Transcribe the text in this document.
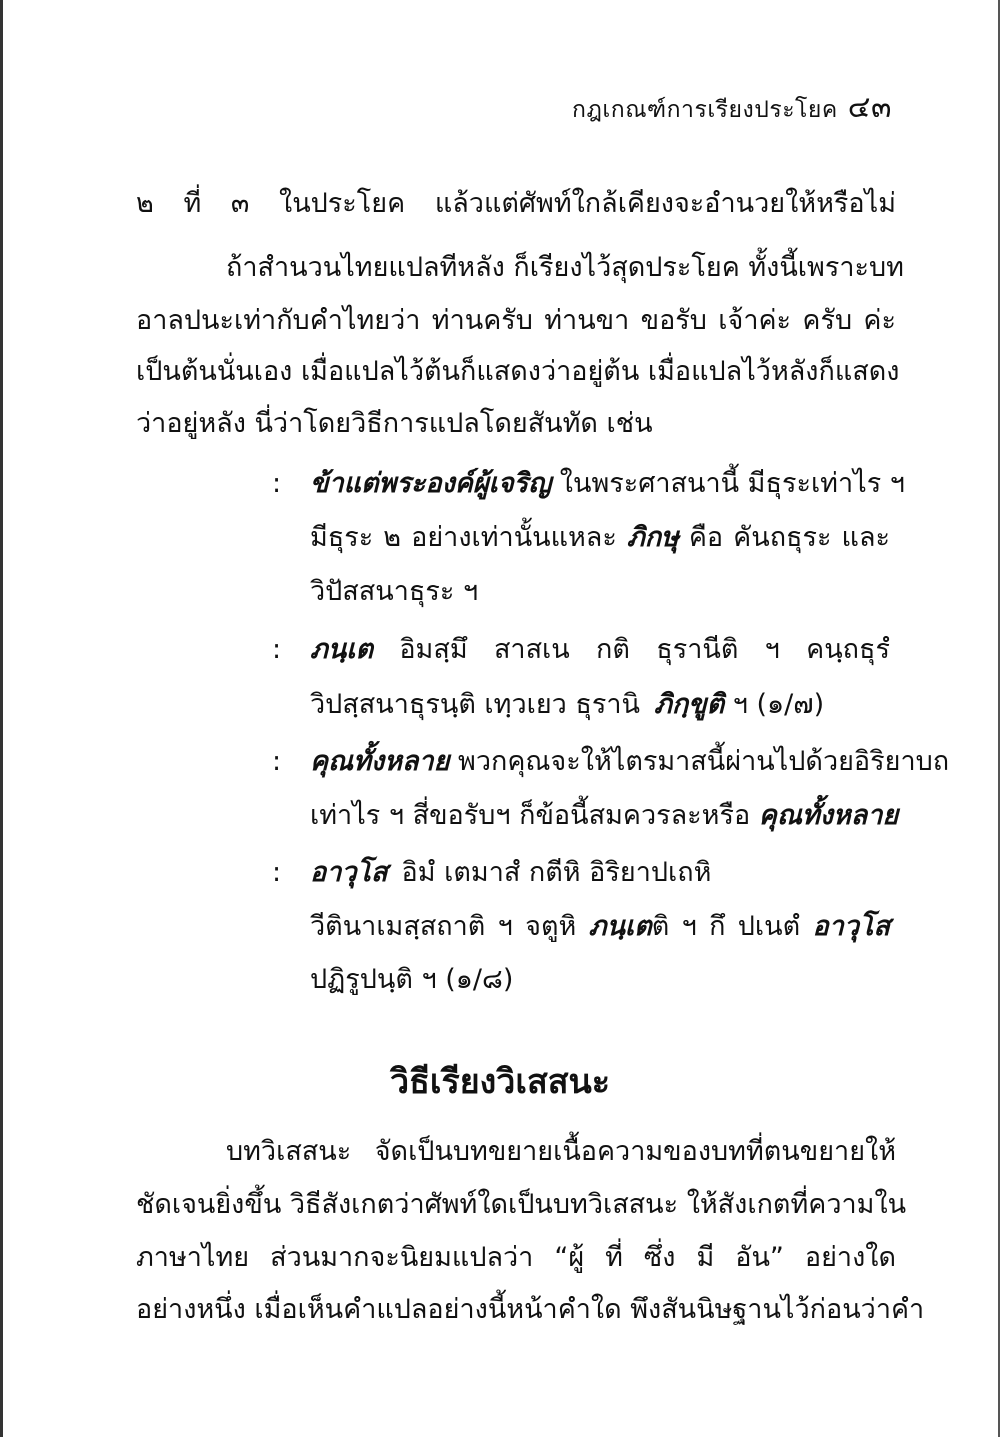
กฎเกณฑ์การเรียงประโยค ๔๓
๒ ที่ ๓ ในประโยค แล้วแต่ศัพท์ใกล้เคียงจะอำนวยให้หรือไม่
ถ้าสำนวนไทยแปลทีหลัง ก็เรียงไว้สุดประโยค ทั้งนี้เพราะบท
อาลปนะเท่ากับคำไทยว่า ท่านครับ ท่านขา ขอรับ เจ้าค่ะ ครับ ค่ะ
เป็นต้นนั่นเอง เมื่อแปลไว้ต้นก็แสดงว่าอยู่ต้น เมื่อแปลไว้หลังก็แสดง
ว่าอยู่หลัง นี่ว่าโดยวิธีการแปลโดยสันทัด เช่น
: ข้าแต่พระองค์ผู้เจริญ ในพระศาสนานี้ มีธุระเท่าไร ฯ
มีธุระ ๒ อย่างเท่านั้นแหละ ภิกษุ คือ คันถธุระ และ
วิปัสสนาธุระ ฯ
: ภนฺเต อิมสฺมึ สาสเน กติ ธุรานีติ ฯ คนฺถธุรํ
วิปสฺสนาธุรนฺติ เทฺวเยว ธุรานิ ภิกฺขูติ ฯ (๑/๗)
: คุณทั้งหลาย พวกคุณจะให้ไตรมาสนี้ผ่านไปด้วยอิริยาบถ
เท่าไร ฯ สี่ขอรับฯ ก็ข้อนี้สมควรละหรือ คุณทั้งหลาย
: อาวุโส อิมํ เตมาสํ กตีหิ อิริยาปเถหิ
วีตินาเมสฺสถาติ ฯ จตูหิ ภนฺเตติ ฯ กึ ปเนตํ อาวุโส
ปฏิรูปนฺติ ฯ (๑/๘)
วิธีเรียงวิเสสนะ
บทวิเสสนะ จัดเป็นบทขยายเนื้อความของบทที่ตนขยายให้
ชัดเจนยิ่งขึ้น วิธีสังเกตว่าศัพท์ใดเป็นบทวิเสสนะ ให้สังเกตที่ความใน
ภาษาไทย ส่วนมากจะนิยมแปลว่า “ผู้ ที่ ซึ่ง มี อัน” อย่างใด
อย่างหนึ่ง เมื่อเห็นคำแปลอย่างนี้หน้าคำใด พึงสันนิษฐานไว้ก่อนว่าคำ
